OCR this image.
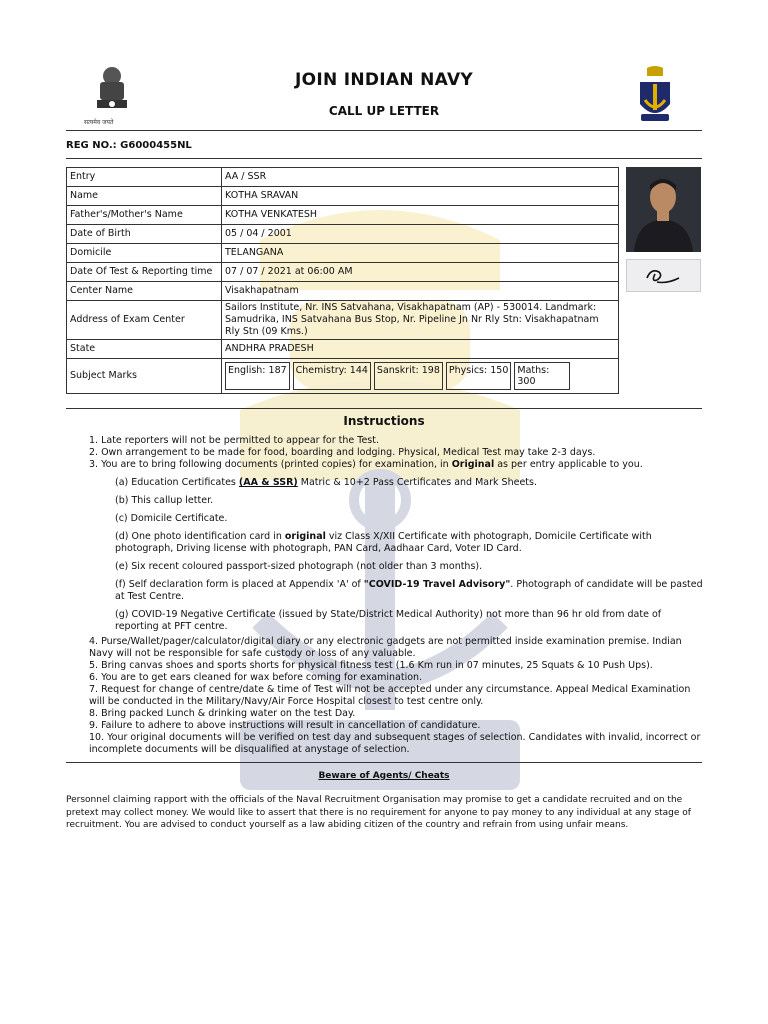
JOIN INDIAN NAVY
CALL UP LETTER
सत्यमेव जयते
REG NO.: G6000455NL
Entry	AA / SSR
Name	KOTHA SRAVAN
Father's/Mother's Name	KOTHA VENKATESH
Date of Birth	05 / 04 / 2001
Domicile	TELANGANA
Date Of Test & Reporting time	07 / 07 / 2021 at 06:00 AM
Center Name	Visakhapatnam
Address of Exam Center	Sailors Institute, Nr. INS Satvahana, Visakhapatnam (AP) - 530014. Landmark: Samudrika, INS Satvahana Bus Stop, Nr. Pipeline Jn Nr Rly Stn: Visakhapatnam Rly Stn (09 Kms.)
State	ANDHRA PRADESH
Subject Marks	English: 187 Chemistry: 144 Sanskrit: 198 Physics: 150 Maths: 300
Instructions

1. Late reporters will not be permitted to appear for the Test.

2. Own arrangement to be made for food, boarding and lodging. Physical, Medical Test may take 2-3 days.

3. You are to bring following documents (printed copies) for examination, in Original as per entry applicable to you.

(a) Education Certificates (AA & SSR) Matric & 10+2 Pass Certificates and Mark Sheets.

(b) This callup letter.

(c) Domicile Certificate.

(d) One photo identification card in original viz Class X/XII Certificate with photograph, Domicile Certificate with photograph, Driving license with photograph, PAN Card, Aadhaar Card, Voter ID Card.

(e) Six recent coloured passport-sized photograph (not older than 3 months).

(f) Self declaration form is placed at Appendix 'A' of "COVID-19 Travel Advisory". Photograph of candidate will be pasted at Test Centre.

(g) COVID-19 Negative Certificate (issued by State/District Medical Authority) not more than 96 hr old from date of reporting at PFT centre.

4. Purse/Wallet/pager/calculator/digital diary or any electronic gadgets are not permitted inside examination premise. Indian Navy will not be responsible for safe custody or loss of any valuable.

5. Bring canvas shoes and sports shorts for physical fitness test (1.6 Km run in 07 minutes, 25 Squats & 10 Push Ups).

6. You are to get ears cleaned for wax before coming for examination.

7. Request for change of centre/date & time of Test will not be accepted under any circumstance. Appeal Medical Examination will be conducted in the Military/Navy/Air Force Hospital closest to test centre only.

8. Bring packed Lunch & drinking water on the test Day.

9. Failure to adhere to above instructions will result in cancellation of candidature.

10. Your original documents will be verified on test day and subsequent stages of selection. Candidates with invalid, incorrect or incomplete documents will be disqualified at anystage of selection.

Beware of Agents/ Cheats
Personnel claiming rapport with the officials of the Naval Recruitment Organisation may promise to get a candidate recruited and on the pretext may collect money. We would like to assert that there is no requirement for anyone to pay money to any individual at any stage of recruitment. You are advised to conduct yourself as a law abiding citizen of the country and refrain from using unfair means.
